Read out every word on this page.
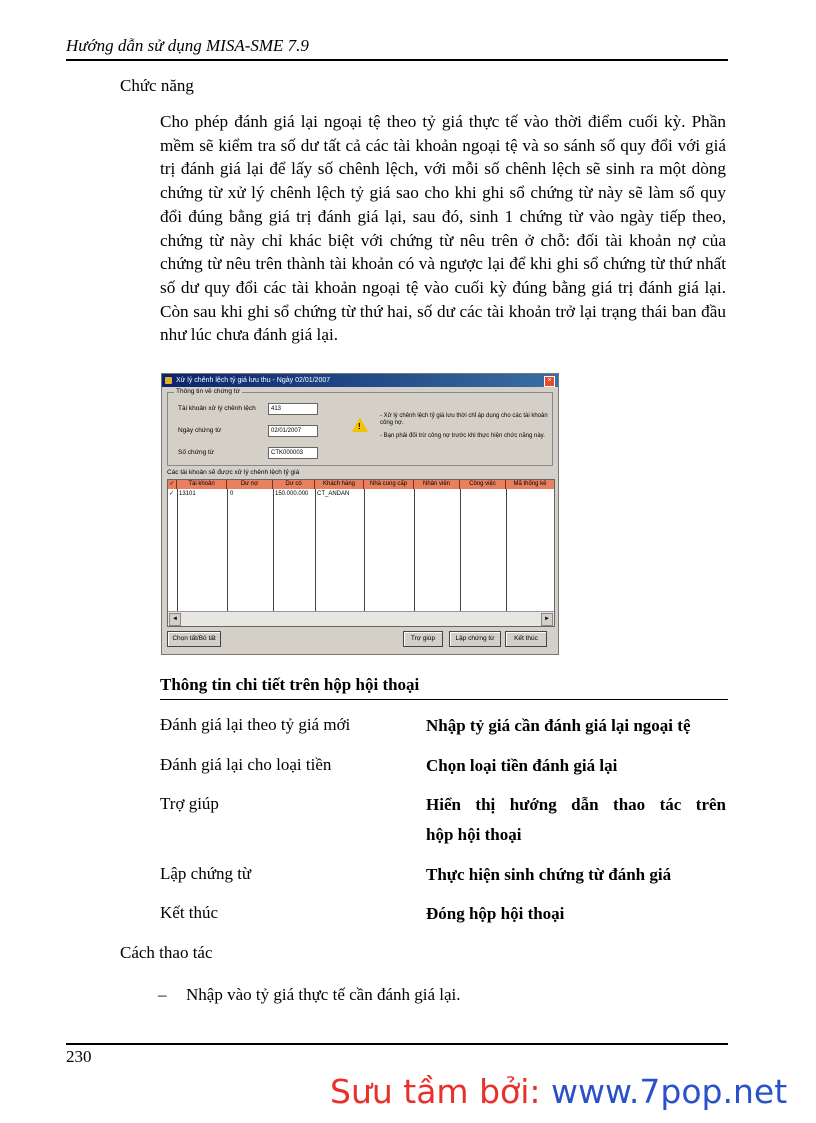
Hướng dẫn sử dụng MISA-SME 7.9
Chức năng
Cho phép đánh giá lại ngoại tệ theo tỷ giá thực tế vào thời điểm cuối kỳ. Phần mềm sẽ kiểm tra số dư tất cả các tài khoản ngoại tệ và so sánh số quy đổi với giá trị đánh giá lại để lấy số chênh lệch, với mỗi số chênh lệch sẽ sinh ra một dòng chứng từ xử lý chênh lệch tỷ giá sao cho khi ghi sổ chứng từ này sẽ làm số quy đổi đúng bằng giá trị đánh giá lại, sau đó, sinh 1 chứng từ vào ngày tiếp theo, chứng từ này chỉ khác biệt với chứng từ nêu trên ở chỗ: đối tài khoản nợ của chứng từ nêu trên thành tài khoản có và ngược lại để khi ghi sổ chứng từ thứ nhất số dư quy đổi các tài khoản ngoại tệ vào cuối kỳ đúng bằng giá trị đánh giá lại. Còn sau khi ghi sổ chứng từ thứ hai, số dư các tài khoản trở lại trạng thái ban đầu như lúc chưa đánh giá lại.
Xử lý chênh lệch tỷ giá lưu thu - Ngày 02/01/2007	×
Thông tin về chứng từ
Tài khoản xử lý chênh lệch	413
Ngày chứng từ	02/01/2007
Số chứng từ	CTK000003
!
- Xử lý chênh lệch tỷ giá lưu thời chỉ áp dụng cho các tài khoản công nợ.
- Bạn phải đối trừ công nợ trước khi thực hiện chức năng này.
Các tài khoản sẽ được xử lý chênh lệch tỷ giá
✓	Tài khoản	Dư nợ	Dư có	Khách hàng	Nhà cung cấp	Nhân viên	Công việc	Mã thống kê
✓ 13101	0	150.000.000 CT_ANDAN
◄	►
Chọn tất/Bỏ tất	Trợ giúp	Lập chứng từ	Kết thúc
Thông tin chi tiết trên hộp hội thoại
Đánh giá lại theo tỷ giá mới	Nhập tỷ giá cần đánh giá lại ngoại tệ
Đánh giá lại cho loại tiền	Chọn loại tiền đánh giá lại
Trợ giúp	Hiển thị hướng dẫn thao tác trên
hộp hội thoại
Lập chứng từ	Thực hiện sinh chứng từ đánh giá
Kết thúc	Đóng hộp hội thoại
Cách thao tác
– Nhập vào tỷ giá thực tế cần đánh giá lại.
230
Sưu tầm bởi: www.7pop.net
